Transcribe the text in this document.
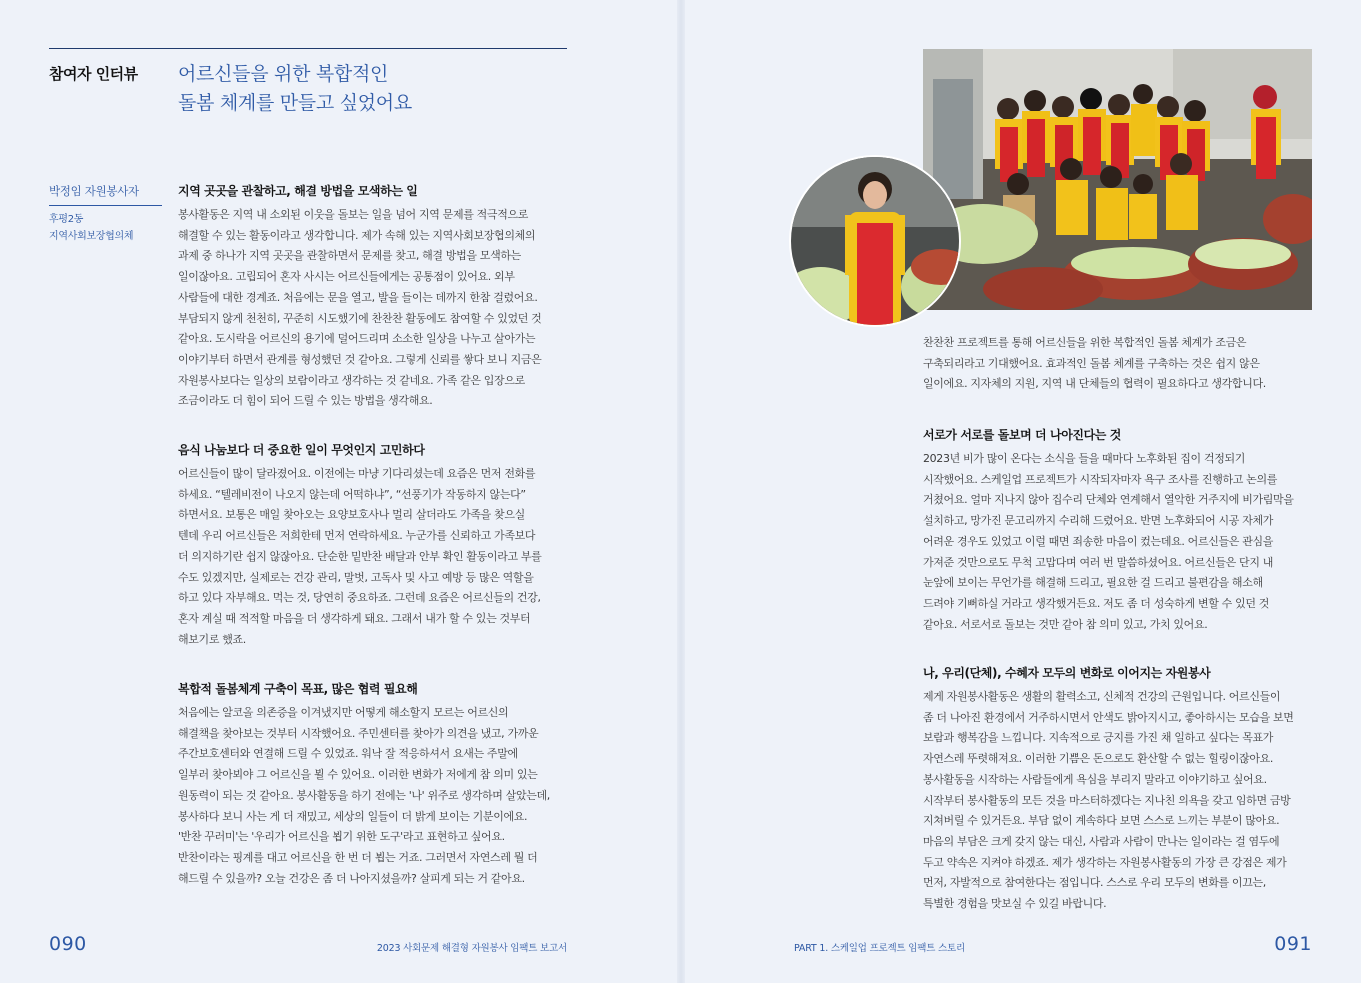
참여자 인터뷰 어르신들을 위한 복합적인
돌봄 체계를 만들고 싶었어요
박정임 자원봉사자
후평2동
지역사회보장협의체
지역 곳곳을 관찰하고, 해결 방법을 모색하는 일
봉사활동은 지역 내 소외된 이웃을 돌보는 일을 넘어 지역 문제를 적극적으로
해결할 수 있는 활동이라고 생각합니다. 제가 속해 있는 지역사회보장협의체의
과제 중 하나가 지역 곳곳을 관찰하면서 문제를 찾고, 해결 방법을 모색하는
일이잖아요. 고립되어 혼자 사시는 어르신들에게는 공통점이 있어요. 외부
사람들에 대한 경계죠. 처음에는 문을 열고, 발을 들이는 데까지 한참 걸렸어요.
부담되지 않게 천천히, 꾸준히 시도했기에 찬찬찬 활동에도 참여할 수 있었던 것
같아요. 도시락을 어르신의 용기에 덜어드리며 소소한 일상을 나누고 살아가는
이야기부터 하면서 관계를 형성했던 것 같아요. 그렇게 신뢰를 쌓다 보니 지금은
자원봉사보다는 일상의 보람이라고 생각하는 것 같네요. 가족 같은 입장으로
조금이라도 더 힘이 되어 드릴 수 있는 방법을 생각해요.
음식 나눔보다 더 중요한 일이 무엇인지 고민하다
어르신들이 많이 달라졌어요. 이전에는 마냥 기다리셨는데 요즘은 먼저 전화를
하세요. “텔레비전이 나오지 않는데 어떡하냐”, “선풍기가 작동하지 않는다”
하면서요. 보통은 매일 찾아오는 요양보호사나 멀리 살더라도 가족을 찾으실
텐데 우리 어르신들은 저희한테 먼저 연락하세요. 누군가를 신뢰하고 가족보다
더 의지하기란 쉽지 않잖아요. 단순한 밑반찬 배달과 안부 확인 활동이라고 부를
수도 있겠지만, 실제로는 건강 관리, 말벗, 고독사 및 사고 예방 등 많은 역할을
하고 있다 자부해요. 먹는 것, 당연히 중요하죠. 그런데 요즘은 어르신들의 건강,
혼자 계실 때 적적할 마음을 더 생각하게 돼요. 그래서 내가 할 수 있는 것부터
해보기로 했죠.
복합적 돌봄체계 구축이 목표, 많은 협력 필요해
처음에는 알코올 의존증을 이겨냈지만 어떻게 해소할지 모르는 어르신의
해결책을 찾아보는 것부터 시작했어요. 주민센터를 찾아가 의견을 냈고, 가까운
주간보호센터와 연결해 드릴 수 있었죠. 워낙 잘 적응하셔서 요새는 주말에
일부러 찾아뵈야 그 어르신을 뵐 수 있어요. 이러한 변화가 저에게 참 의미 있는
원동력이 되는 것 같아요. 봉사활동을 하기 전에는 '나' 위주로 생각하며 살았는데,
봉사하다 보니 사는 게 더 재밌고, 세상의 일들이 더 밝게 보이는 기분이에요.
'반찬 꾸러미'는 '우리가 어르신을 뵙기 위한 도구'라고 표현하고 싶어요.
반찬이라는 핑계를 대고 어르신을 한 번 더 뵙는 거죠. 그러면서 자연스레 뭘 더
해드릴 수 있을까? 오늘 건강은 좀 더 나아지셨을까? 살피게 되는 거 같아요.
090	2023 사회문제 해결형 자원봉사 임팩트 보고서
찬찬찬 프로젝트를 통해 어르신들을 위한 복합적인 돌봄 체계가 조금은
구축되리라고 기대했어요. 효과적인 돌봄 체계를 구축하는 것은 쉽지 않은
일이에요. 지자체의 지원, 지역 내 단체들의 협력이 필요하다고 생각합니다.
서로가 서로를 돌보며 더 나아진다는 것
2023년 비가 많이 온다는 소식을 들을 때마다 노후화된 집이 걱정되기
시작했어요. 스케일업 프로젝트가 시작되자마자 욕구 조사를 진행하고 논의를
거쳤어요. 얼마 지나지 않아 집수리 단체와 연계해서 열악한 거주지에 비가림막을
설치하고, 망가진 문고리까지 수리해 드렸어요. 반면 노후화되어 시공 자체가
어려운 경우도 있었고 이럴 때면 죄송한 마음이 컸는데요. 어르신들은 관심을
가져준 것만으로도 무척 고맙다며 여러 번 말씀하셨어요. 어르신들은 단지 내
눈앞에 보이는 무언가를 해결해 드리고, 필요한 걸 드리고 불편감을 해소해
드려야 기뻐하실 거라고 생각했거든요. 저도 좀 더 성숙하게 변할 수 있던 것
같아요. 서로서로 돌보는 것만 같아 참 의미 있고, 가치 있어요.
나, 우리(단체), 수혜자 모두의 변화로 이어지는 자원봉사
제게 자원봉사활동은 생활의 활력소고, 신체적 건강의 근원입니다. 어르신들이
좀 더 나아진 환경에서 거주하시면서 안색도 밝아지시고, 좋아하시는 모습을 보면
보람과 행복감을 느낍니다. 지속적으로 긍지를 가진 채 일하고 싶다는 목표가
자연스레 뚜렷해져요. 이러한 기쁨은 돈으로도 환산할 수 없는 힐링이잖아요.
봉사활동을 시작하는 사람들에게 욕심을 부리지 말라고 이야기하고 싶어요.
시작부터 봉사활동의 모든 것을 마스터하겠다는 지나친 의욕을 갖고 임하면 금방
지쳐버릴 수 있거든요. 부담 없이 계속하다 보면 스스로 느끼는 부분이 많아요.
마음의 부담은 크게 갖지 않는 대신, 사람과 사람이 만나는 일이라는 걸 염두에
두고 약속은 지켜야 하겠죠. 제가 생각하는 자원봉사활동의 가장 큰 강점은 제가
먼저, 자발적으로 참여한다는 점입니다. 스스로 우리 모두의 변화를 이끄는,
특별한 경험을 맛보실 수 있길 바랍니다.
PART 1. 스케일업 프로젝트 임팩트 스토리	091
